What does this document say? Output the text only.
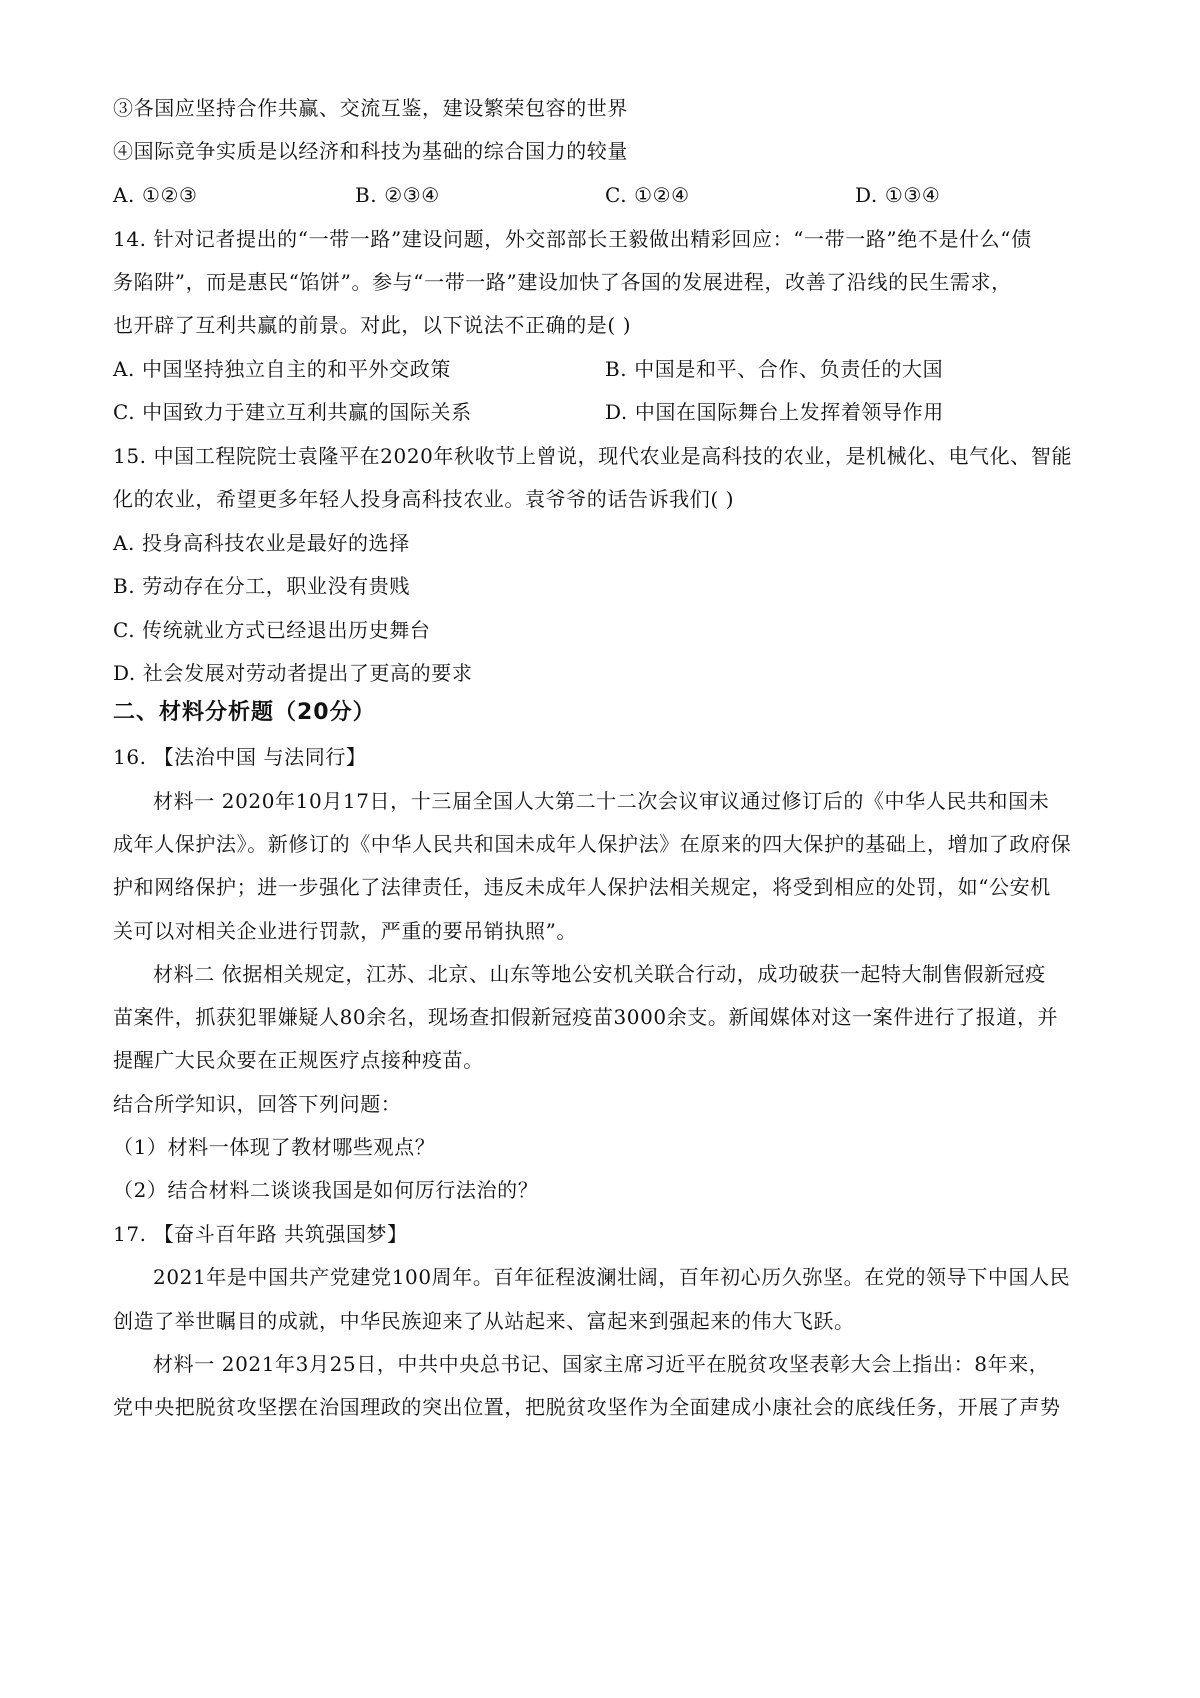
③各国应坚持合作共赢、交流互鉴，建设繁荣包容的世界
④国际竞争实质是以经济和科技为基础的综合国力的较量
A. ①②③	B. ②③④	C. ①②④	D. ①③④
14. 针对记者提出的“一带一路”建设问题，外交部部长王毅做出精彩回应：“一带一路”绝不是什么“债
务陷阱”，而是惠民“馅饼”。参与“一带一路”建设加快了各国的发展进程，改善了沿线的民生需求，
也开辟了互利共赢的前景。对此，以下说法不正确的是( )
A. 中国坚持独立自主的和平外交政策	B. 中国是和平、合作、负责任的大国
C. 中国致力于建立互利共赢的国际关系	D. 中国在国际舞台上发挥着领导作用
15. 中国工程院院士袁隆平在2020年秋收节上曾说，现代农业是高科技的农业，是机械化、电气化、智能
化的农业，希望更多年轻人投身高科技农业。袁爷爷的话告诉我们( )
A. 投身高科技农业是最好的选择
B. 劳动存在分工，职业没有贵贱
C. 传统就业方式已经退出历史舞台
D. 社会发展对劳动者提出了更高的要求
二、材料分析题（20分）
16. 【法治中国 与法同行】
材料一 2020年10月17日，十三届全国人大第二十二次会议审议通过修订后的《中华人民共和国未
成年人保护法》。新修订的《中华人民共和国未成年人保护法》在原来的四大保护的基础上，增加了政府保
护和网络保护；进一步强化了法律责任，违反未成年人保护法相关规定，将受到相应的处罚，如“公安机
关可以对相关企业进行罚款，严重的要吊销执照”。
材料二 依据相关规定，江苏、北京、山东等地公安机关联合行动，成功破获一起特大制售假新冠疫
苗案件，抓获犯罪嫌疑人80余名，现场查扣假新冠疫苗3000余支。新闻媒体对这一案件进行了报道，并
提醒广大民众要在正规医疗点接种疫苗。
结合所学知识，回答下列问题：
（1）材料一体现了教材哪些观点？
（2）结合材料二谈谈我国是如何厉行法治的？
17. 【奋斗百年路 共筑强国梦】
2021年是中国共产党建党100周年。百年征程波澜壮阔，百年初心历久弥坚。在党的领导下中国人民
创造了举世瞩目的成就，中华民族迎来了从站起来、富起来到强起来的伟大飞跃。
材料一 2021年3月25日，中共中央总书记、国家主席习近平在脱贫攻坚表彰大会上指出：8年来，
党中央把脱贫攻坚摆在治国理政的突出位置，把脱贫攻坚作为全面建成小康社会的底线任务，开展了声势
